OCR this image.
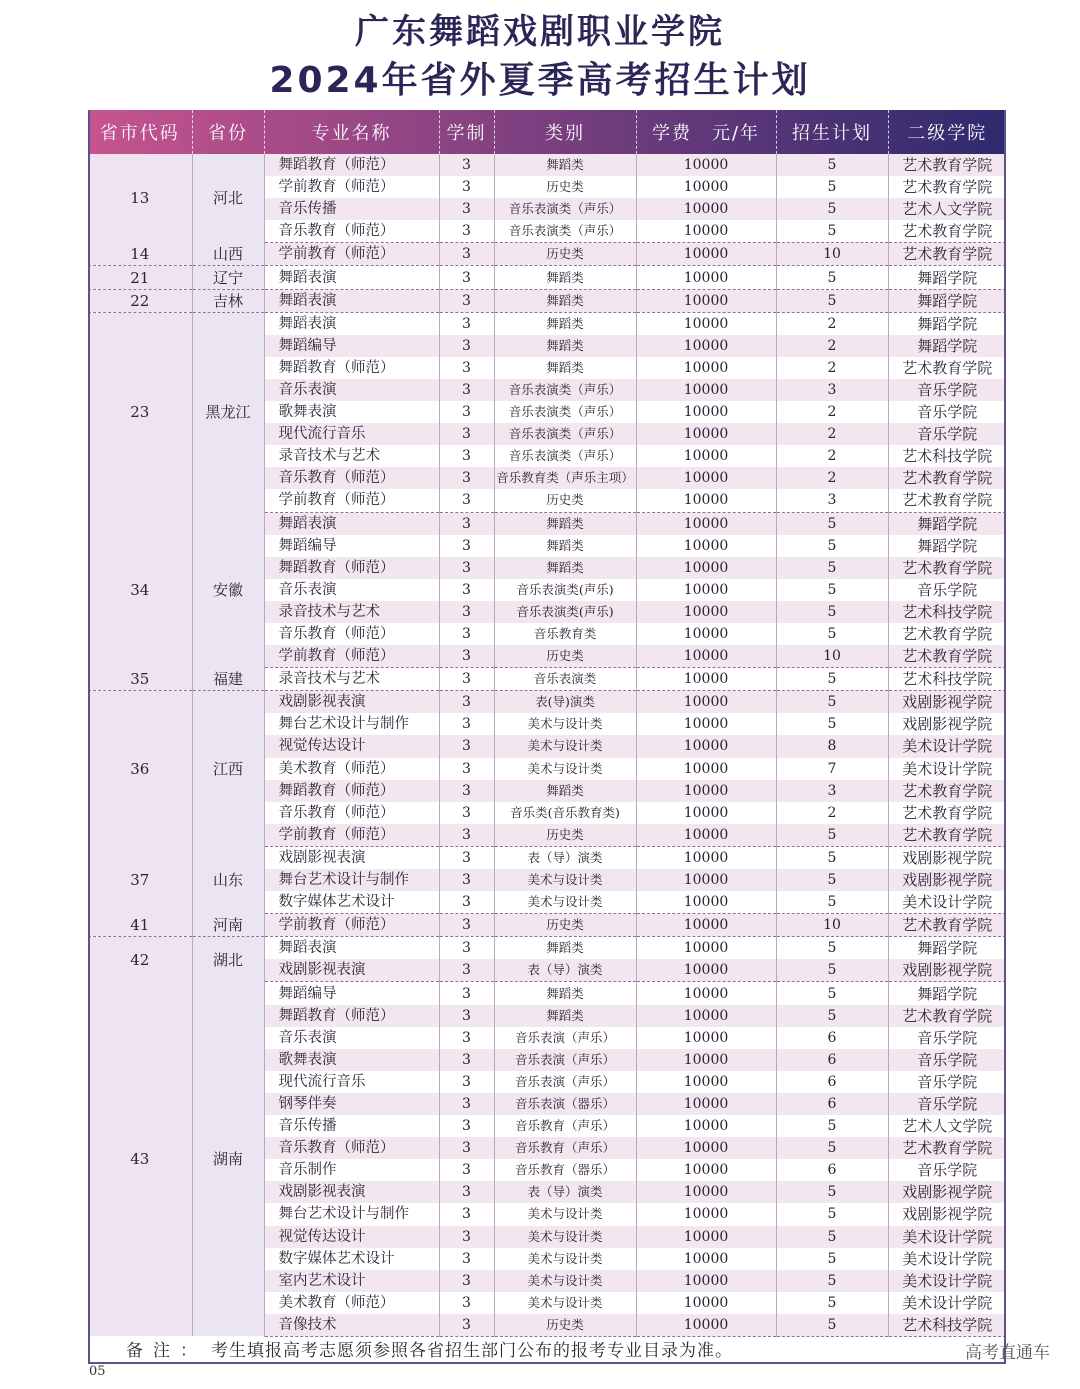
广东舞蹈戏剧职业学院
2024年省外夏季高考招生计划
省市代码	省份	专业名称	学制	类别	学费　元/年	招生计划	二级学院
13	河北	舞蹈教育（师范）	3	舞蹈类	10000	5	艺术教育学院
		学前教育（师范）	3	历史类	10000	5	艺术教育学院
		音乐传播	3	音乐表演类（声乐）	10000	5	艺术人文学院
		音乐教育（师范）	3	音乐表演类（声乐）	10000	5	艺术教育学院
14	山西	学前教育（师范）	3	历史类	10000	10	艺术教育学院
21	辽宁	舞蹈表演	3	舞蹈类	10000	5	舞蹈学院
22	吉林	舞蹈表演	3	舞蹈类	10000	5	舞蹈学院
23	黑龙江	舞蹈表演	3	舞蹈类	10000	2	舞蹈学院
		舞蹈编导	3	舞蹈类	10000	2	舞蹈学院
		舞蹈教育（师范）	3	舞蹈类	10000	2	艺术教育学院
		音乐表演	3	音乐表演类（声乐）	10000	3	音乐学院
		歌舞表演	3	音乐表演类（声乐）	10000	2	音乐学院
		现代流行音乐	3	音乐表演类（声乐）	10000	2	音乐学院
		录音技术与艺术	3	音乐表演类（声乐）	10000	2	艺术科技学院
		音乐教育（师范）	3	音乐教育类（声乐主项）	10000	2	艺术教育学院
		学前教育（师范）	3	历史类	10000	3	艺术教育学院
34	安徽	舞蹈表演	3	舞蹈类	10000	5	舞蹈学院
		舞蹈编导	3	舞蹈类	10000	5	舞蹈学院
		舞蹈教育（师范）	3	舞蹈类	10000	5	艺术教育学院
		音乐表演	3	音乐表演类(声乐)	10000	5	音乐学院
		录音技术与艺术	3	音乐表演类(声乐)	10000	5	艺术科技学院
		音乐教育（师范）	3	音乐教育类	10000	5	艺术教育学院
		学前教育（师范）	3	历史类	10000	10	艺术教育学院
35	福建	录音技术与艺术	3	音乐表演类	10000	5	艺术科技学院
36	江西	戏剧影视表演	3	表(导)演类	10000	5	戏剧影视学院
		舞台艺术设计与制作	3	美术与设计类	10000	5	戏剧影视学院
		视觉传达设计	3	美术与设计类	10000	8	美术设计学院
		美术教育（师范）	3	美术与设计类	10000	7	美术设计学院
		舞蹈教育（师范）	3	舞蹈类	10000	3	艺术教育学院
		音乐教育（师范）	3	音乐类(音乐教育类)	10000	2	艺术教育学院
		学前教育（师范）	3	历史类	10000	5	艺术教育学院
37	山东	戏剧影视表演	3	表（导）演类	10000	5	戏剧影视学院
		舞台艺术设计与制作	3	美术与设计类	10000	5	戏剧影视学院
		数字媒体艺术设计	3	美术与设计类	10000	5	美术设计学院
41	河南	学前教育（师范）	3	历史类	10000	10	艺术教育学院
42	湖北	舞蹈表演	3	舞蹈类	10000	5	舞蹈学院
		戏剧影视表演	3	表（导）演类	10000	5	戏剧影视学院
43	湖南	舞蹈编导	3	舞蹈类	10000	5	舞蹈学院
		舞蹈教育（师范）	3	舞蹈类	10000	5	艺术教育学院
		音乐表演	3	音乐表演（声乐）	10000	6	音乐学院
		歌舞表演	3	音乐表演（声乐）	10000	6	音乐学院
		现代流行音乐	3	音乐表演（声乐）	10000	6	音乐学院
		钢琴伴奏	3	音乐表演（器乐）	10000	6	音乐学院
		音乐传播	3	音乐教育（声乐）	10000	5	艺术人文学院
		音乐教育（师范）	3	音乐教育（声乐）	10000	5	艺术教育学院
		音乐制作	3	音乐教育（器乐）	10000	6	音乐学院
		戏剧影视表演	3	表（导）演类	10000	5	戏剧影视学院
		舞台艺术设计与制作	3	美术与设计类	10000	5	戏剧影视学院
		视觉传达设计	3	美术与设计类	10000	5	美术设计学院
		数字媒体艺术设计	3	美术与设计类	10000	5	美术设计学院
		室内艺术设计	3	美术与设计类	10000	5	美术设计学院
		美术教育（师范）	3	美术与设计类	10000	5	美术设计学院
		音像技术	3	历史类	10000	5	艺术科技学院
备注： 考生填报高考志愿须参照各省招生部门公布的报考专业目录为准。	高考直通车
05
